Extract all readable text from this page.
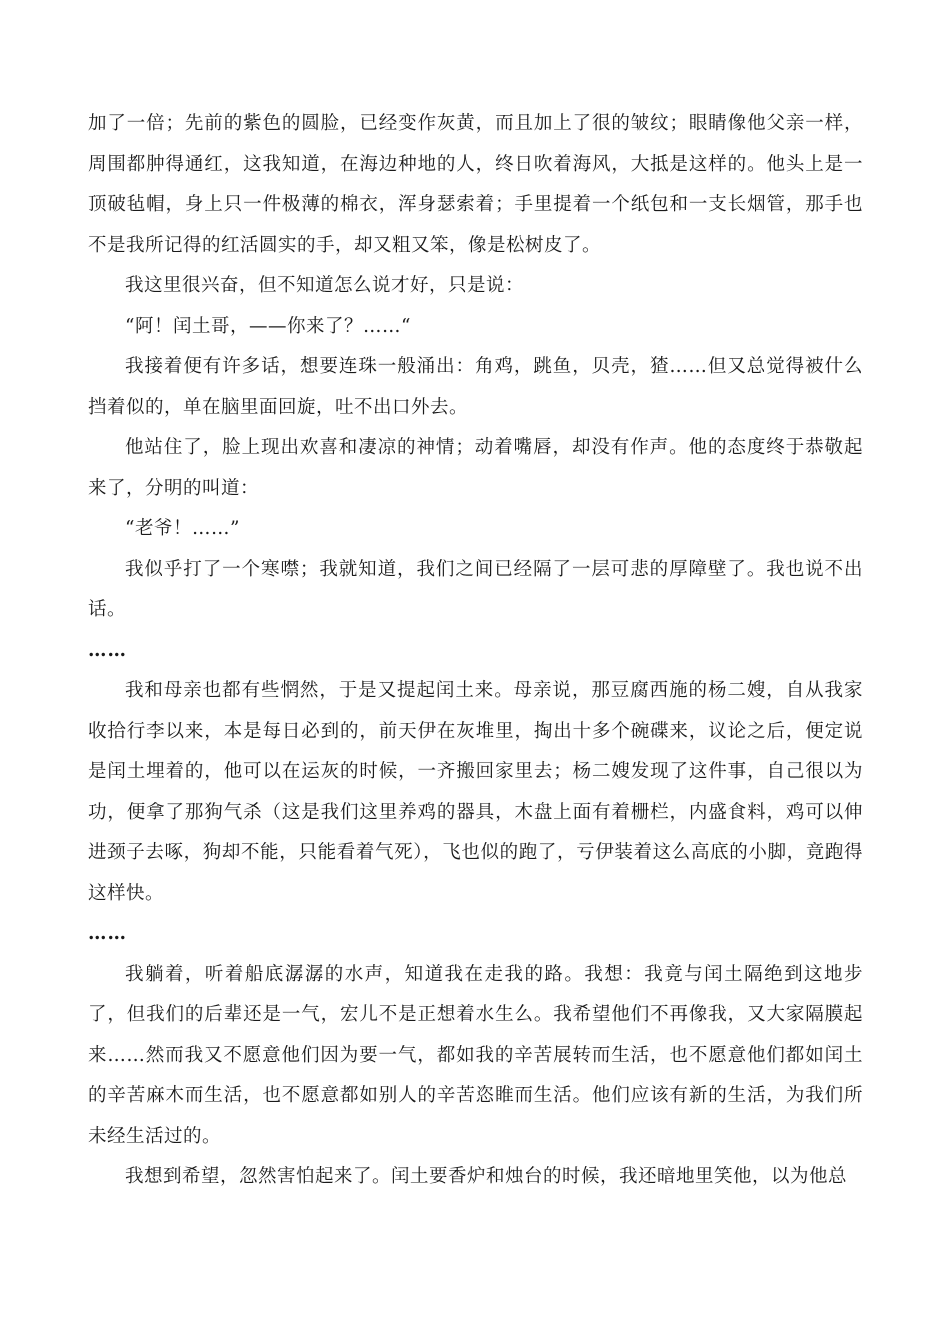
加了一倍；先前的紫色的圆脸，已经变作灰黄，而且加上了很的皱纹；眼睛像他父亲一样，周围都肿得通红，这我知道，在海边种地的人，终日吹着海风，大抵是这样的。他头上是一顶破毡帽，身上只一件极薄的棉衣，浑身瑟索着；手里提着一个纸包和一支长烟管，那手也不是我所记得的红活圆实的手，却又粗又笨，像是松树皮了。

我这里很兴奋，但不知道怎么说才好，只是说：

“阿！闰土哥，——你来了？……“

我接着便有许多话，想要连珠一般涌出：角鸡，跳鱼，贝壳，猹……但又总觉得被什么挡着似的，单在脑里面回旋，吐不出口外去。

他站住了，脸上现出欢喜和凄凉的神情；动着嘴唇，却没有作声。他的态度终于恭敬起来了，分明的叫道：

“老爷！……”

我似乎打了一个寒噤；我就知道，我们之间已经隔了一层可悲的厚障壁了。我也说不出话。

……

我和母亲也都有些惘然，于是又提起闰土来。母亲说，那豆腐西施的杨二嫂，自从我家收拾行李以来，本是每日必到的，前天伊在灰堆里，掏出十多个碗碟来，议论之后，便定说是闰土埋着的，他可以在运灰的时候，一齐搬回家里去；杨二嫂发现了这件事，自己很以为功，便拿了那狗气杀（这是我们这里养鸡的器具，木盘上面有着栅栏，内盛食料，鸡可以伸进颈子去啄，狗却不能，只能看着气死），飞也似的跑了，亏伊装着这么高底的小脚，竟跑得这样快。

……

我躺着，听着船底潺潺的水声，知道我在走我的路。我想：我竟与闰土隔绝到这地步了，但我们的后辈还是一气，宏儿不是正想着水生么。我希望他们不再像我，又大家隔膜起来……然而我又不愿意他们因为要一气，都如我的辛苦展转而生活，也不愿意他们都如闰土的辛苦麻木而生活，也不愿意都如别人的辛苦恣睢而生活。他们应该有新的生活，为我们所未经生活过的。

我想到希望，忽然害怕起来了。闰土要香炉和烛台的时候，我还暗地里笑他，以为他总
